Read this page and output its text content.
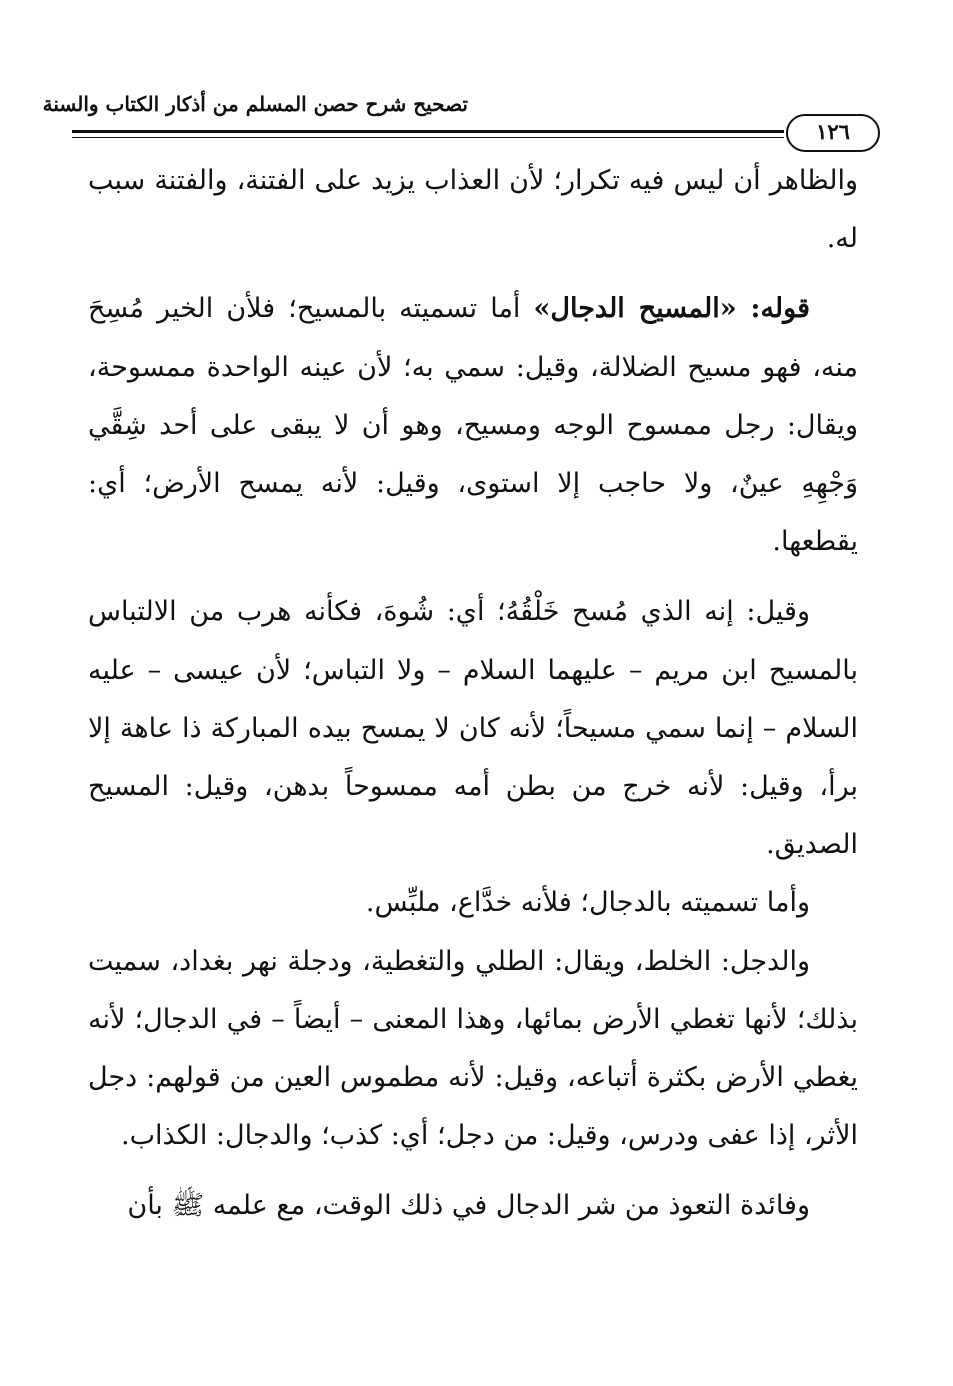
تصحيح شرح حصن المسلم من أذكار الكتاب والسنة
١٢٦

والظاهر أن ليس فيه تكرار؛ لأن العذاب يزيد على الفتنة، والفتنة سبب له.

قوله: «المسيح الدجال» أما تسميته بالمسيح؛ فلأن الخير مُسِحَ منه، فهو مسيح الضلالة، وقيل: سمي به؛ لأن عينه الواحدة ممسوحة، ويقال: رجل ممسوح الوجه ومسيح، وهو أن لا يبقى على أحد شِقَّي وَجْهِهِ عينٌ، ولا حاجب إلا استوى، وقيل: لأنه يمسح الأرض؛ أي: يقطعها.

وقيل: إنه الذي مُسح خَلْقُهُ؛ أي: شُوهَ، فكأنه هرب من الالتباس بالمسيح ابن مريم – عليهما السلام – ولا التباس؛ لأن عيسى – عليه السلام – إنما سمي مسيحاً؛ لأنه كان لا يمسح بيده المباركة ذا عاهة إلا برأ، وقيل: لأنه خرج من بطن أمه ممسوحاً بدهن، وقيل: المسيح الصديق.

وأما تسميته بالدجال؛ فلأنه خدَّاع، ملبِّس.

والدجل: الخلط، ويقال: الطلي والتغطية، ودجلة نهر بغداد، سميت بذلك؛ لأنها تغطي الأرض بمائها، وهذا المعنى – أيضاً – في الدجال؛ لأنه يغطي الأرض بكثرة أتباعه، وقيل: لأنه مطموس العين من قولهم: دجل الأثر، إذا عفى ودرس، وقيل: من دجل؛ أي: كذب؛ والدجال: الكذاب.

وفائدة التعوذ من شر الدجال في ذلك الوقت، مع علمه ﷺ بأن
